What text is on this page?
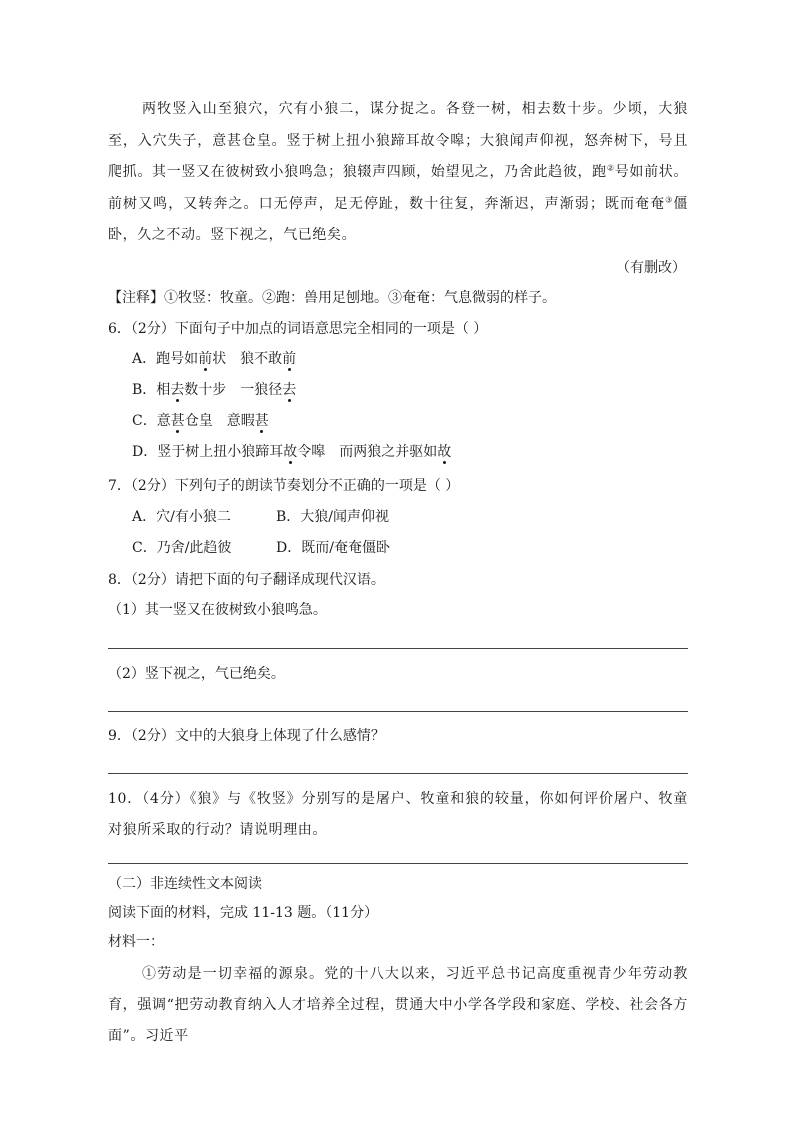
两牧竖入山至狼穴，穴有小狼二，谋分捉之。各登一树，相去数十步。少顷，大狼至，入穴失子，意甚仓皇。竖于树上扭小狼蹄耳故令嗥；大狼闻声仰视，怒奔树下，号且爬抓。其一竖又在彼树致小狼鸣急；狼辍声四顾，始望见之，乃舍此趋彼，跑②号如前状。前树又鸣，又转奔之。口无停声，足无停趾，数十往复，奔渐迟，声渐弱；既而奄奄③僵卧，久之不动。竖下视之，气已绝矣。

（有删改）
【注释】①牧竖：牧童。②跑：兽用足刨地。③奄奄：气息微弱的样子。
6．（2分）下面句子中加点的词语意思完全相同的一项是（ ）
A．跑号如前状 狼不敢前
B．相去数十步 一狼径去
C．意甚仓皇 意暇甚
D．竖于树上扭小狼蹄耳故令嗥 而两狼之并驱如故
7．（2分）下列句子的朗读节奏划分不正确的一项是（ ）
A．穴/有小狼二	B．大狼/闻声仰视
C．乃舍/此趋彼	D．既而/奄奄僵卧
8．（2分）请把下面的句子翻译成现代汉语。
（1）其一竖又在彼树致小狼鸣急。
（2）竖下视之，气已绝矣。
9．（2分）文中的大狼身上体现了什么感情？

10．（4分）《狼》与《牧竖》分别写的是屠户、牧童和狼的较量，你如何评价屠户、牧童对狼所采取的行动？请说明理由。

（二）非连续性文本阅读
阅读下面的材料，完成 11-13 题。（11分）
材料一：

①劳动是一切幸福的源泉。党的十八大以来，习近平总书记高度重视青少年劳动教育，强调“把劳动教育纳入人才培养全过程，贯通大中小学各学段和家庭、学校、社会各方面”。习近平
